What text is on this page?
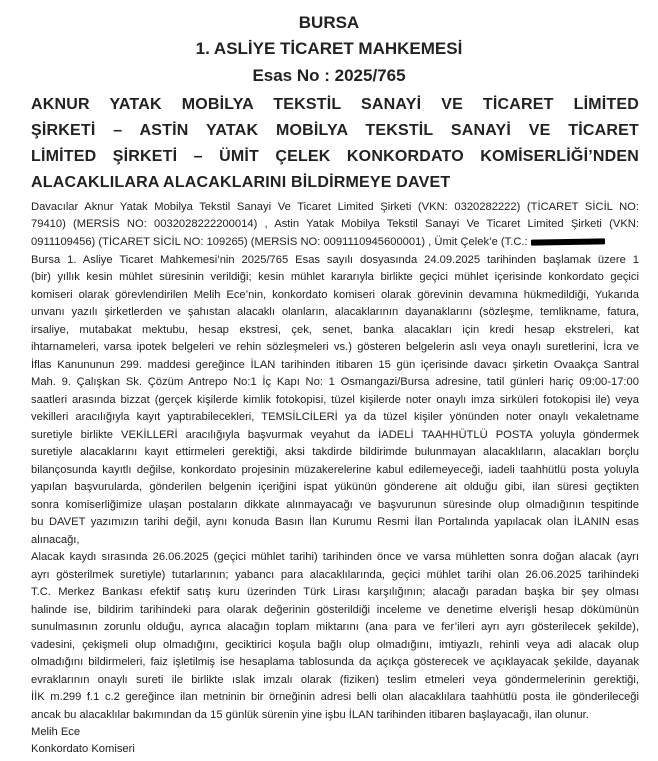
BURSA
1. ASLİYE TİCARET MAHKEMESİ
Esas No : 2025/765
AKNUR YATAK MOBİLYA TEKSTİL SANAYİ VE TİCARET LİMİTED
ŞİRKETİ – ASTİN YATAK MOBİLYA TEKSTİL SANAYİ VE TİCARET
LİMİTED ŞİRKETİ – ÜMİT ÇELEK KONKORDATO KOMİSERLİĞİ’NDEN
ALACAKLILARA ALACAKLARINI BİLDİRMEYE DAVET
Davacılar Aknur Yatak Mobilya Tekstil Sanayi Ve Ticaret Limited Şirketi (VKN: 0320282222) (TİCARET SİCİL NO:
79410) (MERSİS NO: 0032028222200014) , Astin Yatak Mobilya Tekstil Sanayi Ve Ticaret Limited Şirketi (VKN:
0911109456) (TİCARET SİCİL NO: 109265) (MERSİS NO: 0091110945600001) , Ümit Çelek’e (T.C.:
Bursa 1. Asliye Ticaret Mahkemesi’nin 2025/765 Esas sayılı dosyasında 24.09.2025 tarihinden başlamak üzere 1
(bir) yıllık kesin mühlet süresinin verildiği; kesin mühlet kararıyla birlikte geçici mühlet içerisinde konkordato geçici
komiseri olarak görevlendirilen Melih Ece’nin, konkordato komiseri olarak görevinin devamına hükmedildiği, Yukarıda
unvanı yazılı şirketlerden ve şahıstan alacaklı olanların, alacaklarının dayanaklarını (sözleşme, temlikname, fatura,
irsaliye, mutabakat mektubu, hesap ekstresi, çek, senet, banka alacakları için kredi hesap ekstreleri, kat
ihtarnameleri, varsa ipotek belgeleri ve rehin sözleşmeleri vs.) gösteren belgelerin aslı veya onaylı suretlerini, İcra ve
İflas Kanununun 299. maddesi gereğince İLAN tarihinden itibaren 15 gün içerisinde davacı şirketin Ovaakça Santral
Mah. 9. Çalışkan Sk. Çözüm Antrepo No:1 İç Kapı No: 1 Osmangazi/Bursa adresine, tatil günleri hariç 09:00-17:00
saatleri arasında bizzat (gerçek kişilerde kimlik fotokopisi, tüzel kişilerde noter onaylı imza sirküleri fotokopisi ile) veya
vekilleri aracılığıyla kayıt yaptırabilecekleri, TEMSİLCİLERİ ya da tüzel kişiler yönünden noter onaylı vekaletname
suretiyle birlikte VEKİLLERİ aracılığıyla başvurmak veyahut da İADELİ TAAHHÜTLÜ POSTA yoluyla göndermek
suretiyle alacaklarını kayıt ettirmeleri gerektiği, aksi takdirde bildirimde bulunmayan alacaklıların, alacakları borçlu
bilançosunda kayıtlı değilse, konkordato projesinin müzakerelerine kabul edilemeyeceği, iadeli taahhütlü posta yoluyla
yapılan başvurularda, gönderilen belgenin içeriğini ispat yükünün gönderene ait olduğu gibi, ilan süresi geçtikten
sonra komiserliğimize ulaşan postaların dikkate alınmayacağı ve başvurunun süresinde olup olmadığının tespitinde
bu DAVET yazımızın tarihi değil, aynı konuda Basın İlan Kurumu Resmi İlan Portalında yapılacak olan İLANIN esas
alınacağı,
Alacak kaydı sırasında 26.06.2025 (geçici mühlet tarihi) tarihinden önce ve varsa mühletten sonra doğan alacak (ayrı
ayrı gösterilmek suretiyle) tutarlarının; yabancı para alacaklılarında, geçici mühlet tarihi olan 26.06.2025 tarihindeki
T.C. Merkez Bankası efektif satış kuru üzerinden Türk Lirası karşılığının; alacağı paradan başka bir şey olması
halinde ise, bildirim tarihindeki para olarak değerinin gösterildiği inceleme ve denetime elverişli hesap dökümünün
sunulmasının zorunlu olduğu, ayrıca alacağın toplam miktarını (ana para ve fer’ileri ayrı ayrı gösterilecek şekilde),
vadesini, çekişmeli olup olmadığını, geciktirici koşula bağlı olup olmadığını, imtiyazlı, rehinli veya adi alacak olup
olmadığını bildirmeleri, faiz işletilmiş ise hesaplama tablosunda da açıkça gösterecek ve açıklayacak şekilde, dayanak
evraklarının onaylı sureti ile birlikte ıslak imzalı olarak (fiziken) teslim etmeleri veya göndermelerinin gerektiği,
İİK m.299 f.1 c.2 gereğince ilan metninin bir örneğinin adresi belli olan alacaklılara taahhütlü posta ile gönderileceği
ancak bu alacaklılar bakımından da 15 günlük sürenin yine işbu İLAN tarihinden itibaren başlayacağı, ilan olunur.
Melih Ece
Konkordato Komiseri
